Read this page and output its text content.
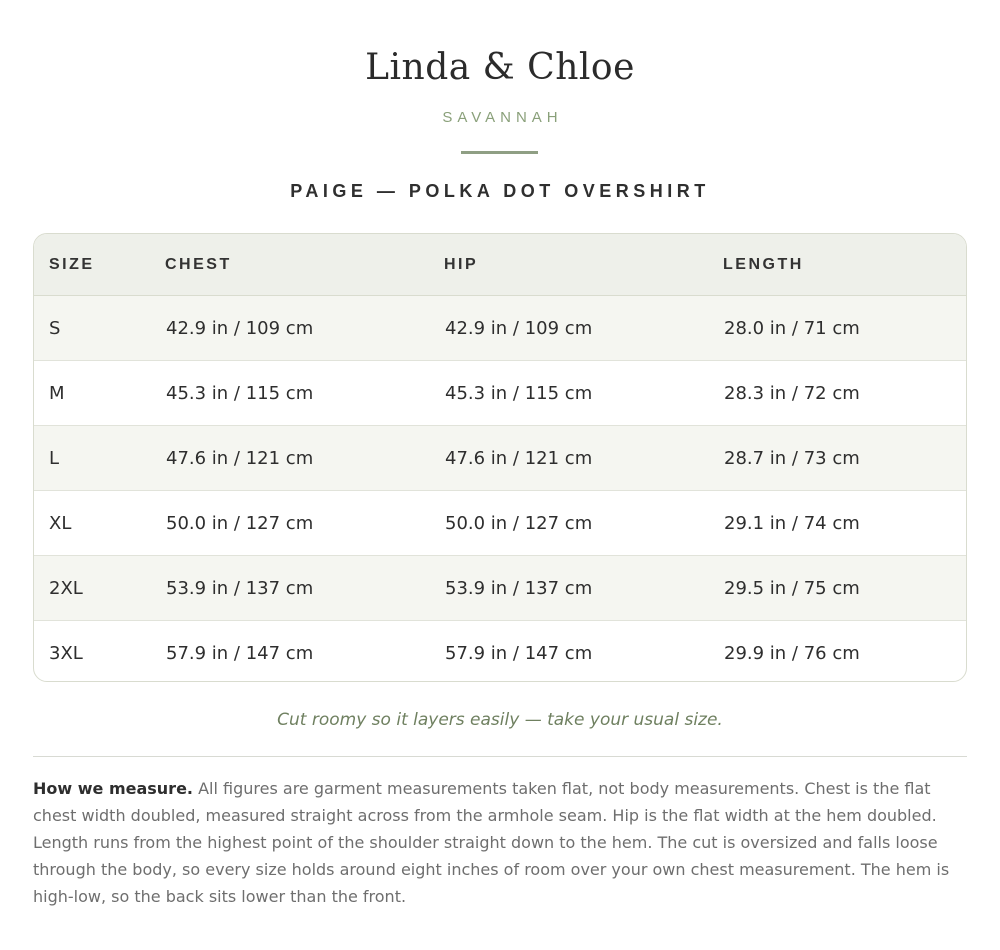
Linda & Chloe
SAVANNAH
PAIGE — POLKA DOT OVERSHIRT
SIZE	CHEST	HIP	LENGTH
S	42.9 in / 109 cm	42.9 in / 109 cm	28.0 in / 71 cm
M	45.3 in / 115 cm	45.3 in / 115 cm	28.3 in / 72 cm
L	47.6 in / 121 cm	47.6 in / 121 cm	28.7 in / 73 cm
XL	50.0 in / 127 cm	50.0 in / 127 cm	29.1 in / 74 cm
2XL	53.9 in / 137 cm	53.9 in / 137 cm	29.5 in / 75 cm
3XL	57.9 in / 147 cm	57.9 in / 147 cm	29.9 in / 76 cm
Cut roomy so it layers easily — take your usual size.
How we measure. All figures are garment measurements taken flat, not body measurements. Chest is the flat chest width doubled, measured straight across from the armhole seam. Hip is the flat width at the hem doubled. Length runs from the highest point of the shoulder straight down to the hem. The cut is oversized and falls loose through the body, so every size holds around eight inches of room over your own chest measurement. The hem is high-low, so the back sits lower than the front.
